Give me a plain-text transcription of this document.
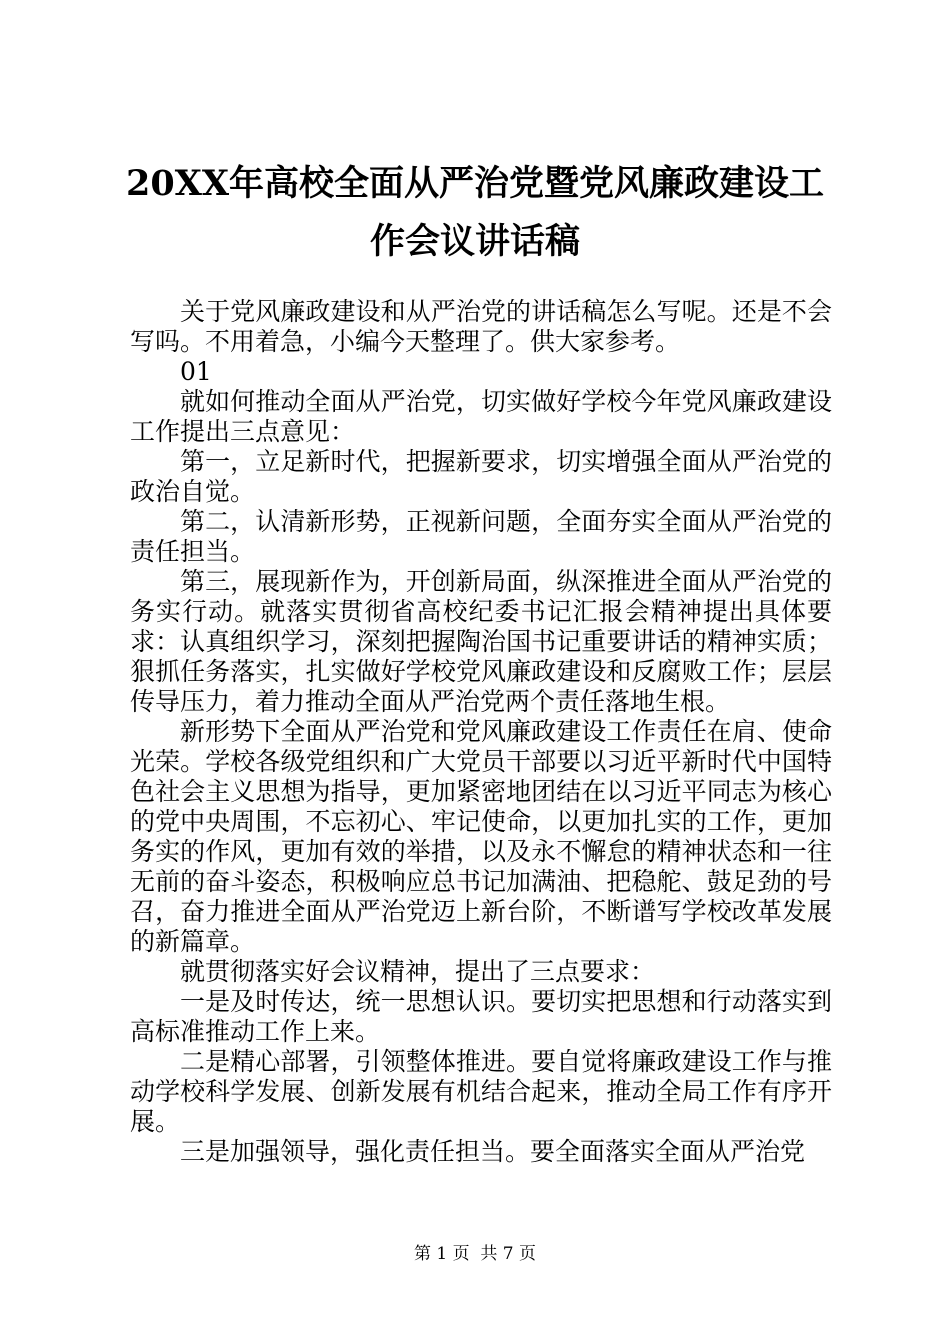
20XX年高校全面从严治党暨党风廉政建设工
作会议讲话稿

关于党风廉政建设和从严治党的讲话稿怎么写呢。还是不会写吗。不用着急，小编今天整理了。供大家参考。

01

就如何推动全面从严治党，切实做好学校今年党风廉政建设工作提出三点意见：

第一，立足新时代，把握新要求，切实增强全面从严治党的政治自觉。

第二，认清新形势，正视新问题，全面夯实全面从严治党的责任担当。

第三，展现新作为，开创新局面，纵深推进全面从严治党的务实行动。就落实贯彻省高校纪委书记汇报会精神提出具体要求：认真组织学习，深刻把握陶治国书记重要讲话的精神实质；狠抓任务落实，扎实做好学校党风廉政建设和反腐败工作；层层传导压力，着力推动全面从严治党两个责任落地生根。

新形势下全面从严治党和党风廉政建设工作责任在肩、使命光荣。学校各级党组织和广大党员干部要以习近平新时代中国特色社会主义思想为指导，更加紧密地团结在以习近平同志为核心的党中央周围，不忘初心、牢记使命，以更加扎实的工作，更加务实的作风，更加有效的举措，以及永不懈怠的精神状态和一往无前的奋斗姿态，积极响应总书记加满油、把稳舵、鼓足劲的号召，奋力推进全面从严治党迈上新台阶，不断谱写学校改革发展的新篇章。

就贯彻落实好会议精神，提出了三点要求：

一是及时传达，统一思想认识。要切实把思想和行动落实到高标准推动工作上来。

二是精心部署，引领整体推进。要自觉将廉政建设工作与推动学校科学发展、创新发展有机结合起来，推动全局工作有序开展。

三是加强领导，强化责任担当。要全面落实全面从严治党

第 1 页  共 7 页
